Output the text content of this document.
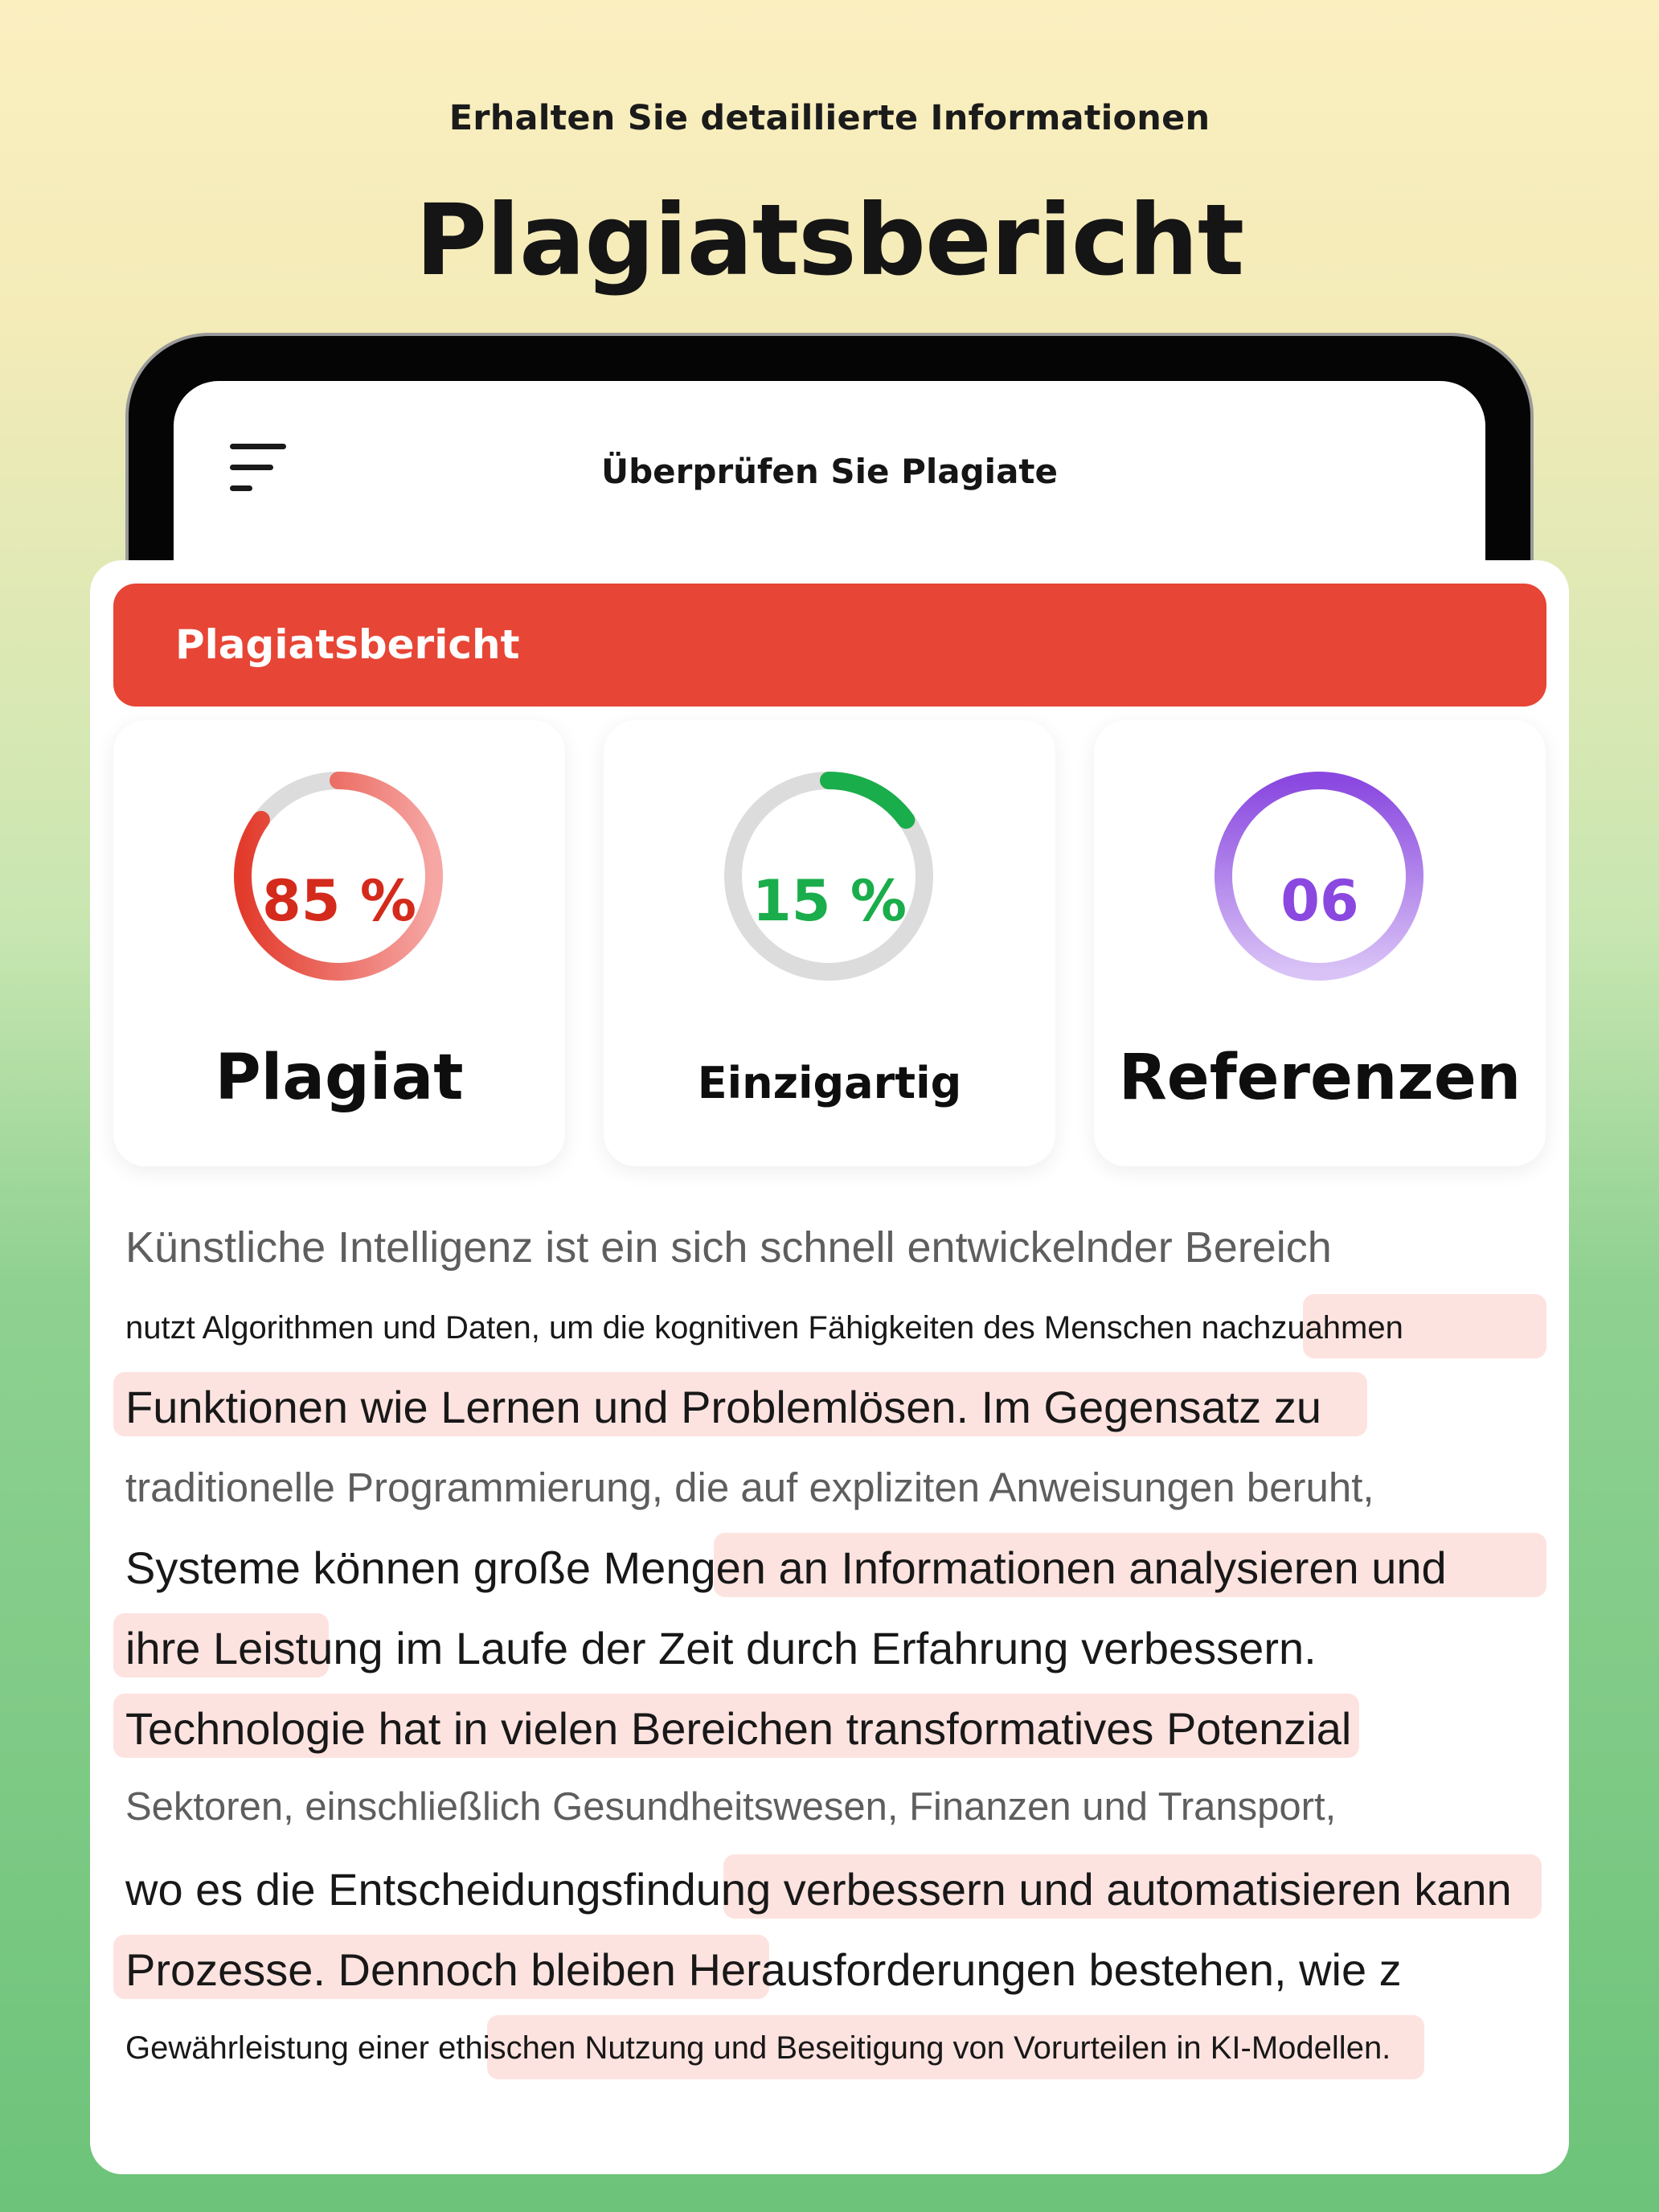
Erhalten Sie detaillierte Informationen
Plagiatsbericht
Überprüfen Sie Plagiate
Plagiatsbericht
85 %
Plagiat
15 %
Einzigartig
06
Referenzen
Künstliche Intelligenz ist ein sich schnell entwickelnder Bereich
nutzt Algorithmen und Daten, um die kognitiven Fähigkeiten des Menschen nachzuahmen
Funktionen wie Lernen und Problemlösen. Im Gegensatz zu
traditionelle Programmierung, die auf expliziten Anweisungen beruht,
Systeme können große Mengen an Informationen analysieren und
ihre Leistung im Laufe der Zeit durch Erfahrung verbessern.
Technologie hat in vielen Bereichen transformatives Potenzial
Sektoren, einschließlich Gesundheitswesen, Finanzen und Transport,
wo es die Entscheidungsfindung verbessern und automatisieren kann
Prozesse. Dennoch bleiben Herausforderungen bestehen, wie z
Gewährleistung einer ethischen Nutzung und Beseitigung von Vorurteilen in KI-Modellen.
